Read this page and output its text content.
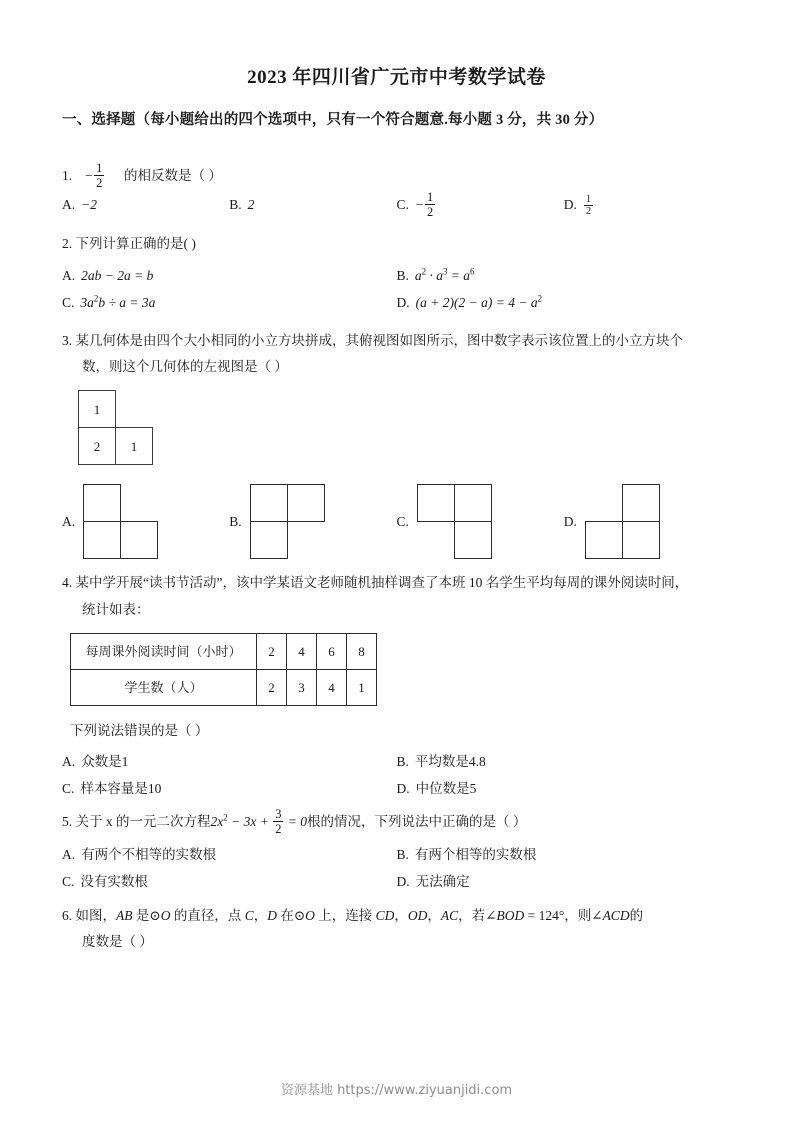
2023 年四川省广元市中考数学试卷
一、选择题（每小题给出的四个选项中，只有一个符合题意.每小题 3 分，共 30 分）
1. − $\frac{1}{2}$ 的相反数是（ ）
A. −2	B. 2	C. − $\frac{1}{2}$	D. $\frac{1}{2}$
2. 下列计算正确的是( )
A. 2ab − 2a = b	B. $a^2 \cdot a^3 = a^6$
C. $3a^2b \div a = 3a$	D. $(a + 2)(2 - a) = 4 - a^2$
3. 某几何体是由四个大小相同的小立方块拼成，其俯视图如图所示，图中数字表示该位置上的小立方块个
数，则这个几何体的左视图是（ ）
1
2	1
A.	B.	C.	D.
4. 某中学开展“读书节活动”，该中学某语文老师随机抽样调查了本班 10 名学生平均每周的课外阅读时间，
统计如表：
每周课外阅读时间（小时）	2	4	6	8
学生数（人）	2	3	4	1
下列说法错误的是（ ）
A. 众数是1	B. 平均数是4.8
C. 样本容量是10	D. 中位数是5
5. 关于 x 的一元二次方程$2x^2 - 3x + \frac{3}{2} = 0$根的情况，下列说法中正确的是（ ）
A. 有两个不相等的实数根	B. 有两个相等的实数根
C. 没有实数根	D. 无法确定
6. 如图，AB 是⊙O 的直径，点 C，D 在⊙O 上，连接 CD，OD，AC，若∠BOD = 124°，则∠ACD的
度数是（ ）
资源基地 https://www.ziyuanjidi.com
